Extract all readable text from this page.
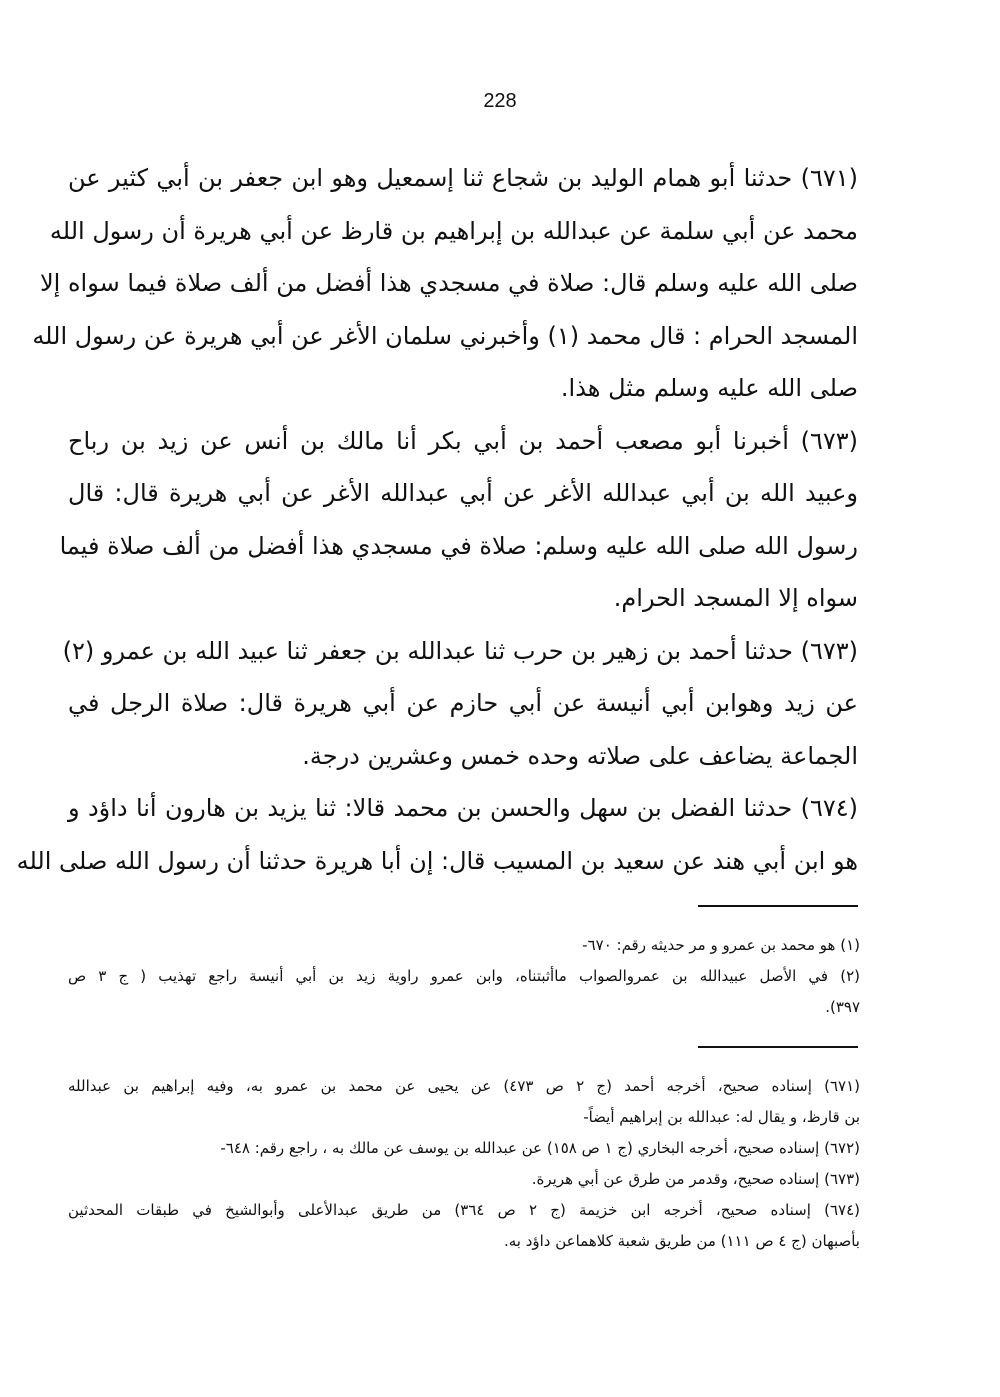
228
(٦٧١) حدثنا أبو همام الوليد بن شجاع ثنا إسمعيل وهو ابن جعفر بن أبي كثير عن
محمد عن أبي سلمة عن عبدالله بن إبراهيم بن قارظ عن أبي هريرة أن رسول الله
صلى الله عليه وسلم قال: صلاة في مسجدي هذا أفضل من ألف صلاة فيما سواه إلا
المسجد الحرام : قال محمد (١) وأخبرني سلمان الأغر عن أبي هريرة عن رسول الله
صلى الله عليه وسلم مثل هذا.
(٦٧٣) أخبرنا أبو مصعب أحمد بن أبي بكر أنا مالك بن أنس عن زيد بن رباح
وعبيد الله بن أبي عبدالله الأغر عن أبي عبدالله الأغر عن أبي هريرة قال: قال
رسول الله صلى الله عليه وسلم: صلاة في مسجدي هذا أفضل من ألف صلاة فيما
سواه إلا المسجد الحرام.
(٦٧٣) حدثنا أحمد بن زهير بن حرب ثنا عبدالله بن جعفر ثنا عبيد الله بن عمرو (٢)
عن زيد وهوابن أبي أنيسة عن أبي حازم عن أبي هريرة قال: صلاة الرجل في
الجماعة يضاعف على صلاته وحده خمس وعشرين درجة.
(٦٧٤) حدثنا الفضل بن سهل والحسن بن محمد قالا: ثنا يزيد بن هارون أنا داؤد و
هو ابن أبي هند عن سعيد بن المسيب قال: إن أبا هريرة حدثنا أن رسول الله صلى الله
(١) هو محمد بن عمرو و مر حديثه رقم: ٦٧٠-
(٢) في الأصل عبيدالله بن عمروالصواب ماأثبتناه، وابن عمرو راوية زيد بن أبي أنيسة راجع تهذيب ( ج ٣ ص
٣٩٧).
(٦٧١) إسناده صحيح، أخرجه أحمد (ج ٢ ص ٤٧٣) عن يحيى عن محمد بن عمرو به، وفيه إبراهيم بن عبدالله
بن قارظ، و يقال له: عبدالله بن إبراهيم أيضاً-
(٦٧٢) إسناده صحيح، أخرجه البخاري (ج ١ ص ١٥٨) عن عبدالله بن يوسف عن مالك به ، راجع رقم: ٦٤٨-
(٦٧٣) إسناده صحيح، وقدمر من طرق عن أبي هريرة.
(٦٧٤) إسناده صحيح، أخرجه ابن خزيمة (ج ٢ ص ٣٦٤) من طريق عبدالأعلى وأبوالشيخ في طبقات المحدثين
بأصبهان (ج ٤ ص ١١١) من طريق شعبة كلاهماعن داؤد به.
